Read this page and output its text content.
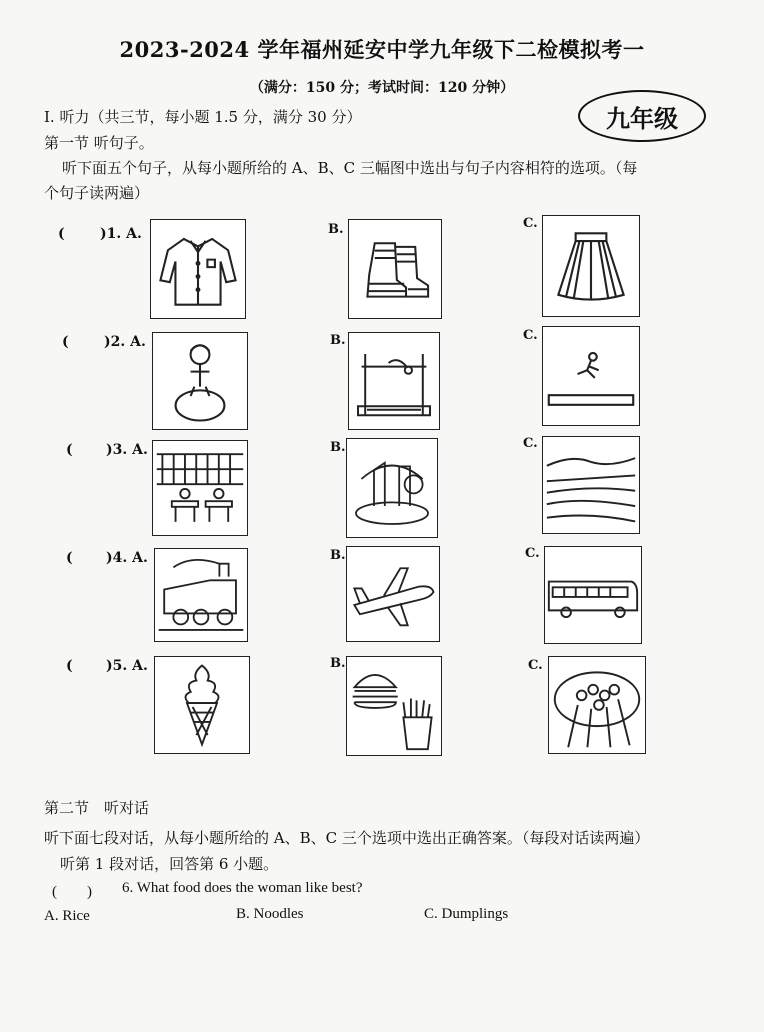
2023-2024 学年福州延安中学九年级下二检模拟考一
（满分：150 分；考试时间：120 分钟）
九年级
Ⅰ. 听力（共三节，每小题 1.5 分，满分 30 分）
第一节 听句子。
听下面五个句子，从每小题所给的 A、B、C 三幅图中选出与句子内容相符的选项。（每
个句子读两遍）
(	)1. A.	B.	C.
(	)2. A.	B.	C.
( )3. A.	B.	C.
( )4. A.	B.	C.
( )5. A.	B.	C.
第二节　听对话
听下面七段对话，从每小题所给的 A、B、C 三个选项中选出正确答案。（每段对话读两遍）
听第 1 段对话，回答第 6 小题。
(　　) 6. What food does the woman like best?
A. Rice	B. Noodles	C. Dumplings
